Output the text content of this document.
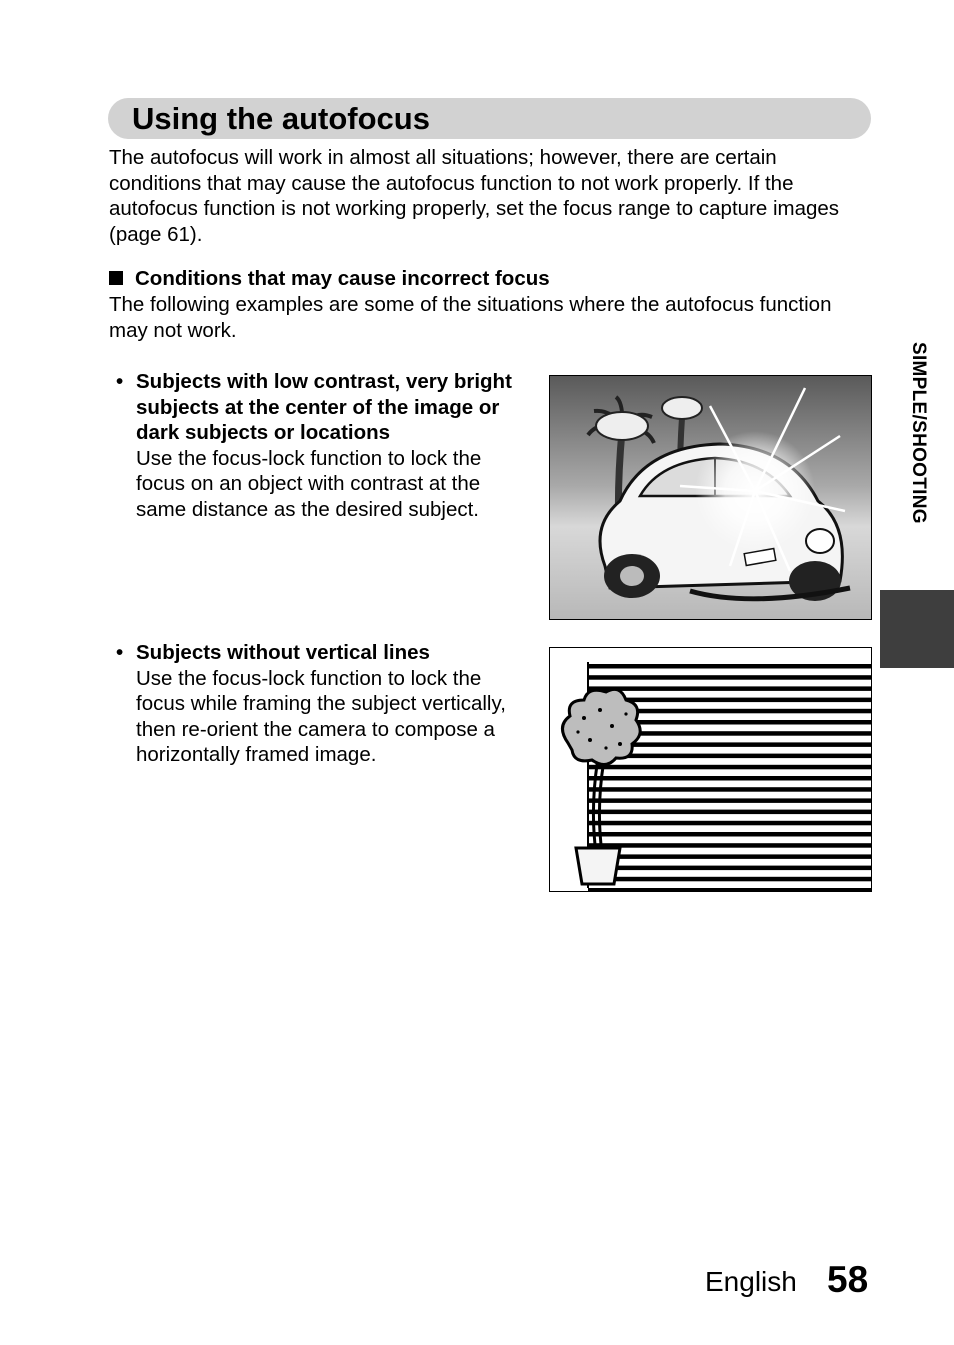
Using the autofocus
The autofocus will work in almost all situations; however, there are certain conditions that may cause the autofocus function to not work properly. If the autofocus function is not working properly, set the focus range to capture images (page 61).
Conditions that may cause incorrect focus
The following examples are some of the situations where the autofocus function may not work.
• Subjects with low contrast, very bright subjects at the center of the image or dark subjects or locations
Use the focus-lock function to lock the focus on an object with contrast at the same distance as the desired subject.
• Subjects without vertical lines
Use the focus-lock function to lock the focus while framing the subject vertically, then re-orient the camera to compose a horizontally framed image.
SIMPLE/SHOOTING
English 58
